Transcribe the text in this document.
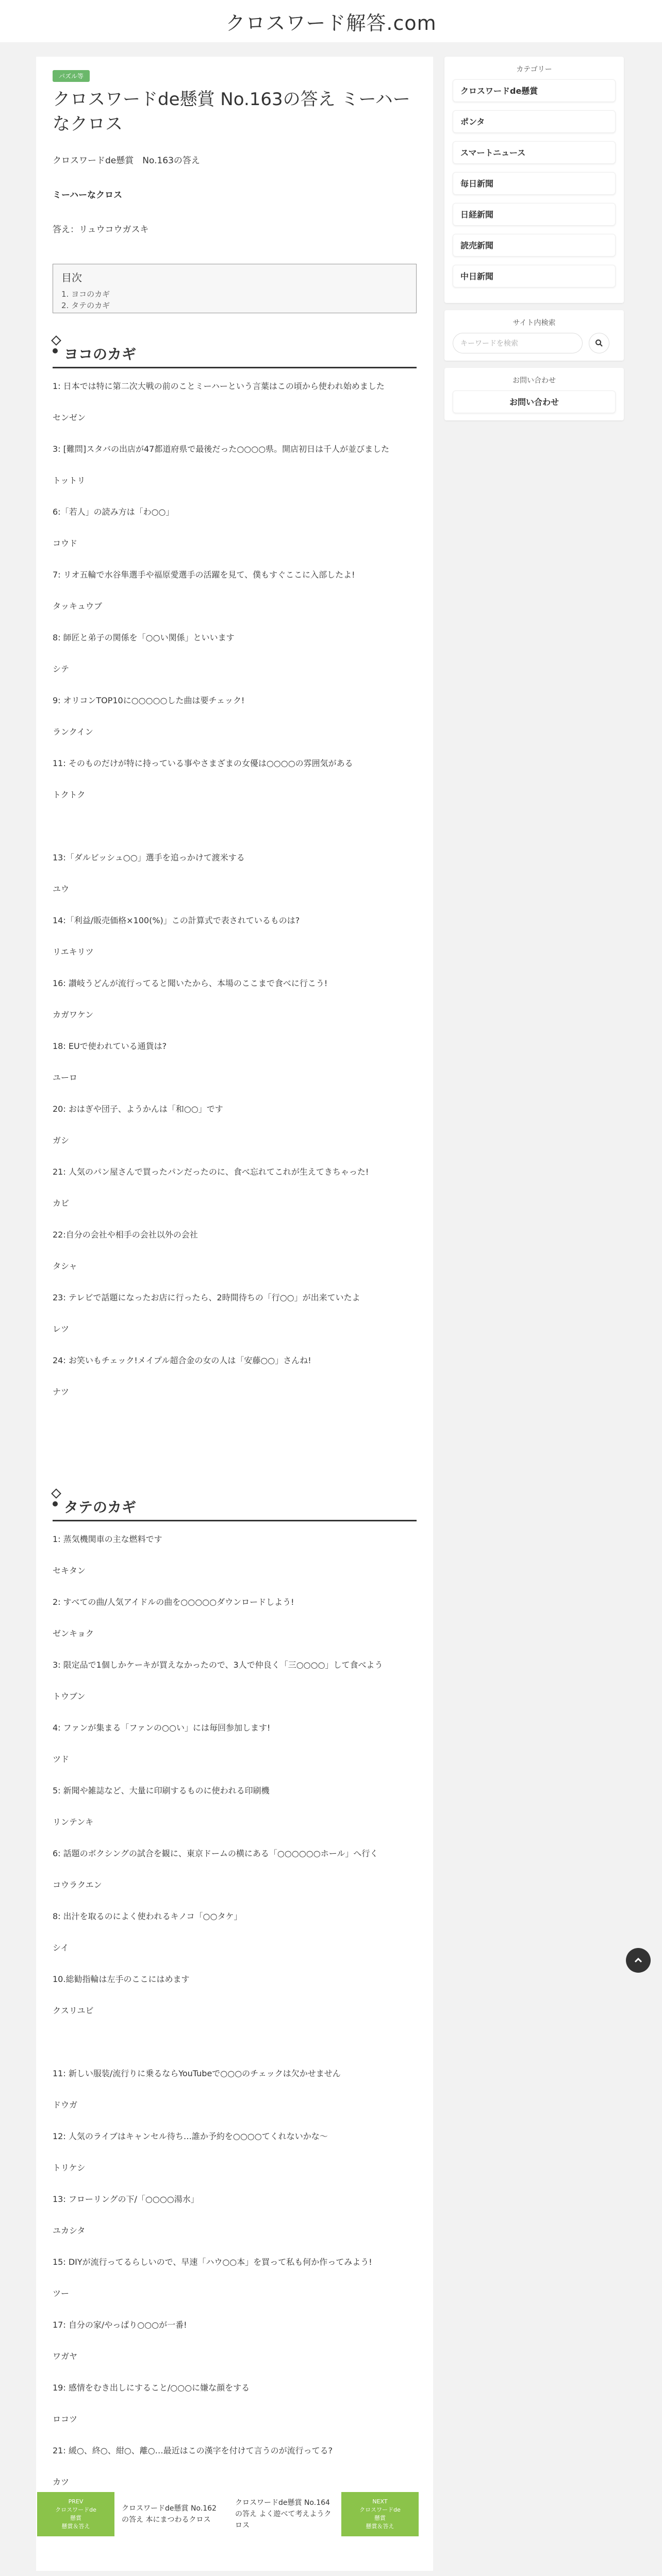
クロスワード解答.com
パズル等
クロスワードde懸賞 No.163の答え ミーハーなクロス

クロスワードde懸賞　No.163の答え

ミーハーなクロス

答え：リュウコウガスキ

目次
1. ヨコのカギ
2. タテのカギ
ヨコのカギ
1: 日本では特に第二次大戦の前のことミーハーという言葉はこの頃から使われ始めました
センゼン
3: [難問]スタバの出店が47都道府県で最後だった○○○○県。開店初日は千人が並びました
トットリ
6:「若人」の読み方は「わ○○」
コウド
7: リオ五輪で水谷隼選手や福原愛選手の活躍を見て、僕もすぐここに入部したよ!
タッキュウブ
8: 師匠と弟子の関係を「○○い関係」といいます
シテ
9: オリコンTOP10に○○○○○した曲は要チェック!
ランクイン
11: そのものだけが特に持っている事やさまざまの女優は○○○○の雰囲気がある
トクトク
13:「ダルビッシュ○○」選手を追っかけて渡米する
ユウ
14:「利益/販売価格×100(%)」この計算式で表されているものは?
リエキリツ
16: 讃岐うどんが流行ってると聞いたから、本場のここまで食べに行こう!
カガワケン
18: EUで使われている通貨は?
ユーロ
20: おはぎや団子、ようかんは「和○○」です
ガシ
21: 人気のパン屋さんで買ったパンだったのに、食べ忘れてこれが生えてきちゃった!
カビ
22:自分の会社や相手の会社以外の会社
タシャ
23: テレビで話題になったお店に行ったら、2時間待ちの「行○○」が出来ていたよ
レツ
24: お笑いもチェック!メイプル超合金の女の人は「安藤○○」さんね!
ナツ
タテのカギ
1: 蒸気機関車の主な燃料です
セキタン
2: すべての曲/人気アイドルの曲を○○○○○ダウンロードしよう!
ゼンキョク
3: 限定品で1個しかケーキが買えなかったので、3人で仲良く「三○○○○」して食べよう
トウブン
4: ファンが集まる「ファンの○○い」には毎回参加します!
ツド
5: 新聞や雑誌など、大量に印刷するものに使われる印刷機
リンテンキ
6: 話題のボクシングの試合を観に、東京ドームの横にある「○○○○○○ホール」へ行く
コウラクエン
8: 出汁を取るのによく使われるキノコ「○○タケ」
シイ
10.総勧指輪は左手のここにはめます
クスリユビ
11: 新しい服装/流行りに乗るならYouTubeで○○○のチェックは欠かせません
ドウガ
12: 人気のライブはキャンセル待ち…誰か予約を○○○○てくれないかな～
トリケシ
13: フローリングの下/「○○○○湯水」
ユカシタ
15: DIYが流行ってるらしいので、早速「ハウ○○本」を買って私も何か作ってみよう!
ツー
17: 自分の家/やっぱり○○○が一番!
ワガヤ
19: 感情をむき出しにすること/○○○に嫌な顔をする
ロコツ
21: 緩○、終○、紺○、離○…最近はこの漢字を付けて言うのが流行ってる?
カツ
PREV
クロスワードde
懸賞
懸賞＆答え
クロスワードde懸賞 No.162の答え 本にまつわるクロス
クロスワードde懸賞 No.164の答え よく遊べて考えようクロス
NEXT
クロスワードde
懸賞
懸賞＆答え
カテゴリー
クロスワードde懸賞
ポンタ
スマートニュース
毎日新聞
日経新聞
読売新聞
中日新聞
サイト内検索
キーワードを検索
お問い合わせ
お問い合わせ
